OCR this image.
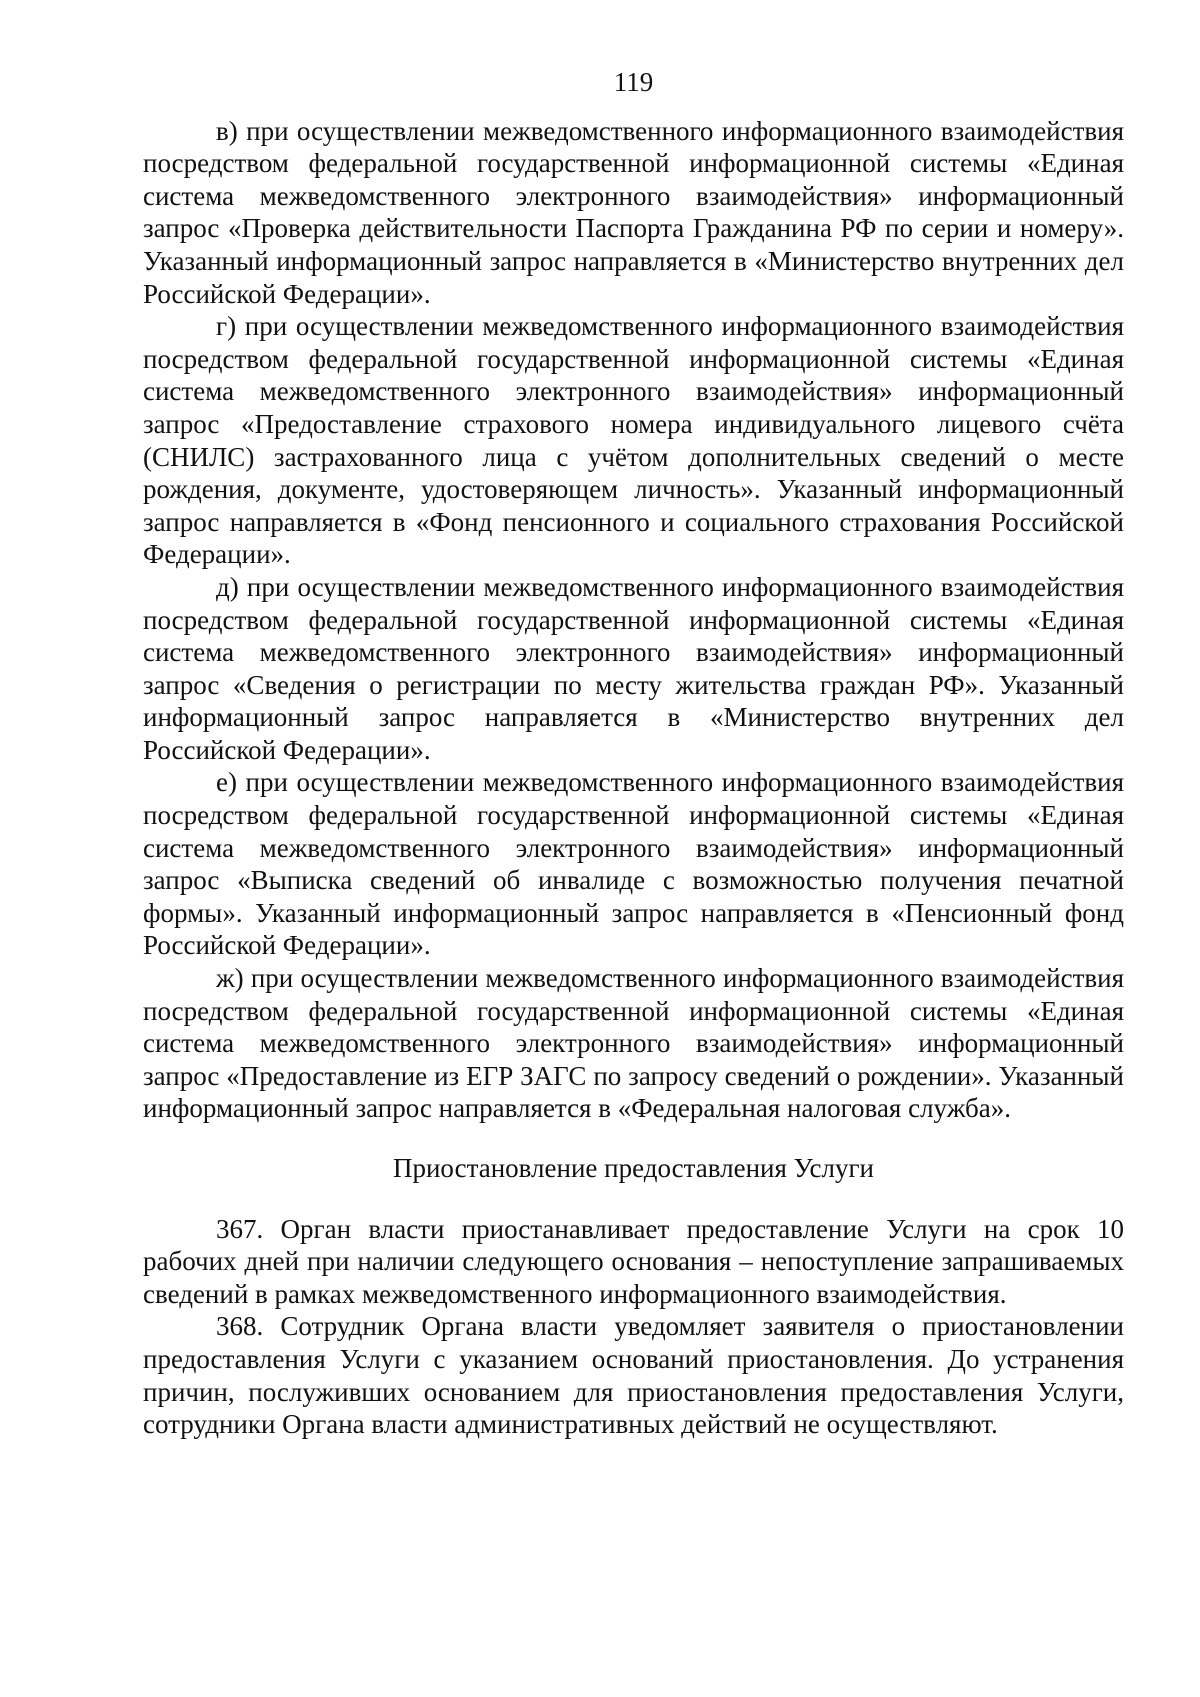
119

в) при осуществлении межведомственного информационного взаимодействия посредством федеральной государственной информационной системы «Единая система межведомственного электронного взаимодействия» информационный запрос «Проверка действительности Паспорта Гражданина РФ по серии и номеру». Указанный информационный запрос направляется в «Министерство внутренних дел Российской Федерации».

г) при осуществлении межведомственного информационного взаимодействия посредством федеральной государственной информационной системы «Единая система межведомственного электронного взаимодействия» информационный запрос «Предоставление страхового номера индивидуального лицевого счёта (СНИЛС) застрахованного лица с учётом дополнительных сведений о месте рождения, документе, удостоверяющем личность». Указанный информационный запрос направляется в «Фонд пенсионного и социального страхования Российской Федерации».

д) при осуществлении межведомственного информационного взаимодействия посредством федеральной государственной информационной системы «Единая система межведомственного электронного взаимодействия» информационный запрос «Сведения о регистрации по месту жительства граждан РФ». Указанный информационный запрос направляется в «Министерство внутренних дел Российской Федерации».

е) при осуществлении межведомственного информационного взаимодействия посредством федеральной государственной информационной системы «Единая система межведомственного электронного взаимодействия» информационный запрос «Выписка сведений об инвалиде с возможностью получения печатной формы». Указанный информационный запрос направляется в «Пенсионный фонд Российской Федерации».

ж) при осуществлении межведомственного информационного взаимодействия посредством федеральной государственной информационной системы «Единая система межведомственного электронного взаимодействия» информационный запрос «Предоставление из ЕГР ЗАГС по запросу сведений о рождении». Указанный информационный запрос направляется в «Федеральная налоговая служба».

Приостановление предоставления Услуги

367. Орган власти приостанавливает предоставление Услуги на срок 10 рабочих дней при наличии следующего основания – непоступление запрашиваемых сведений в рамках межведомственного информационного взаимодействия.

368. Сотрудник Органа власти уведомляет заявителя о приостановлении предоставления Услуги с указанием оснований приостановления. До устранения причин, послуживших основанием для приостановления предоставления Услуги, сотрудники Органа власти административных действий не осуществляют.
